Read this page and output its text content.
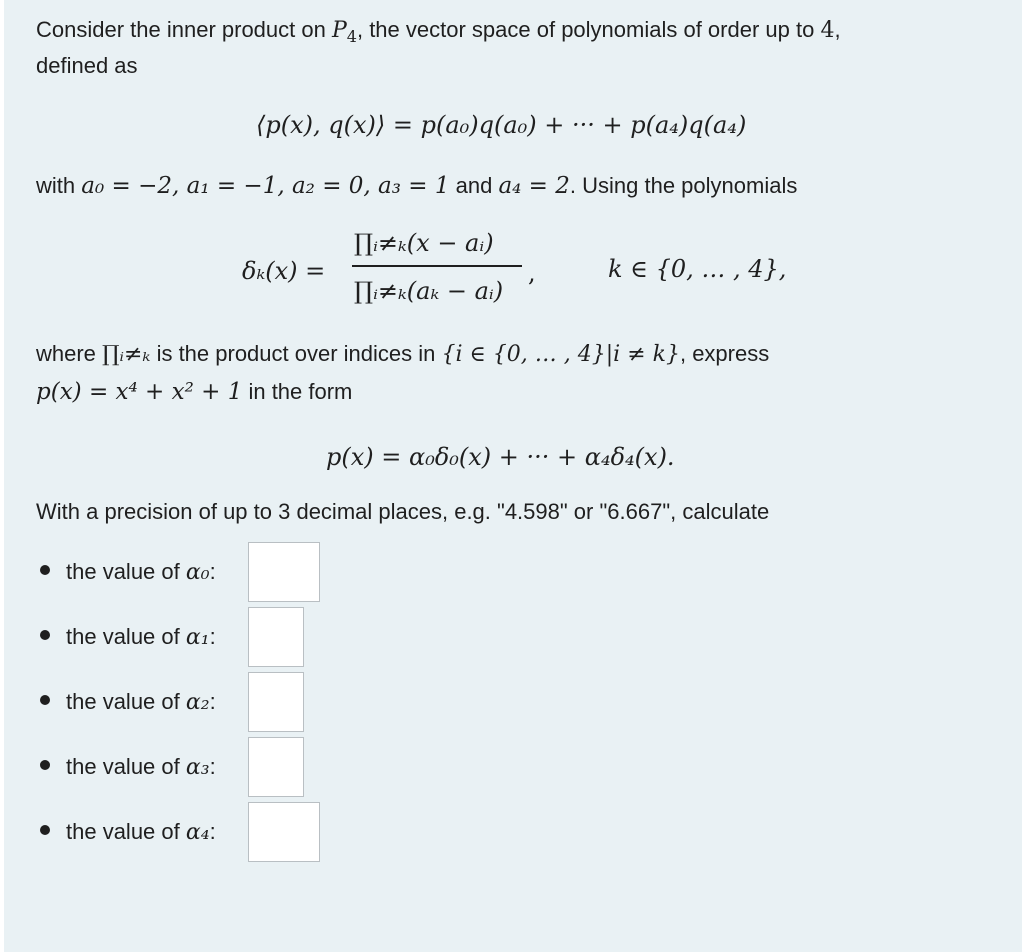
Consider the inner product on $P_4$, the vector space of polynomials of order up to 4,
defined as
⟨p(x), q(x)⟩ = p(a₀)q(a₀) + ··· + p(a₄)q(a₄)
with a₀ = −2, a₁ = −1, a₂ = 0, a₃ = 1 and a₄ = 2. Using the polynomials
δₖ(x) =
∏ᵢ≠ₖ(x − aᵢ)
∏ᵢ≠ₖ(aₖ − aᵢ)
,	k ∈ {0, … , 4},
where ∏ᵢ≠ₖ is the product over indices in {i ∈ {0, … , 4}|i ≠ k}, express
p(x) = x⁴ + x² + 1 in the form
p(x) = α₀δ₀(x) + ··· + α₄δ₄(x).
With a precision of up to 3 decimal places, e.g. "4.598" or "6.667", calculate
the value of α₀:
the value of α₁:
the value of α₂:
the value of α₃:
the value of α₄:
